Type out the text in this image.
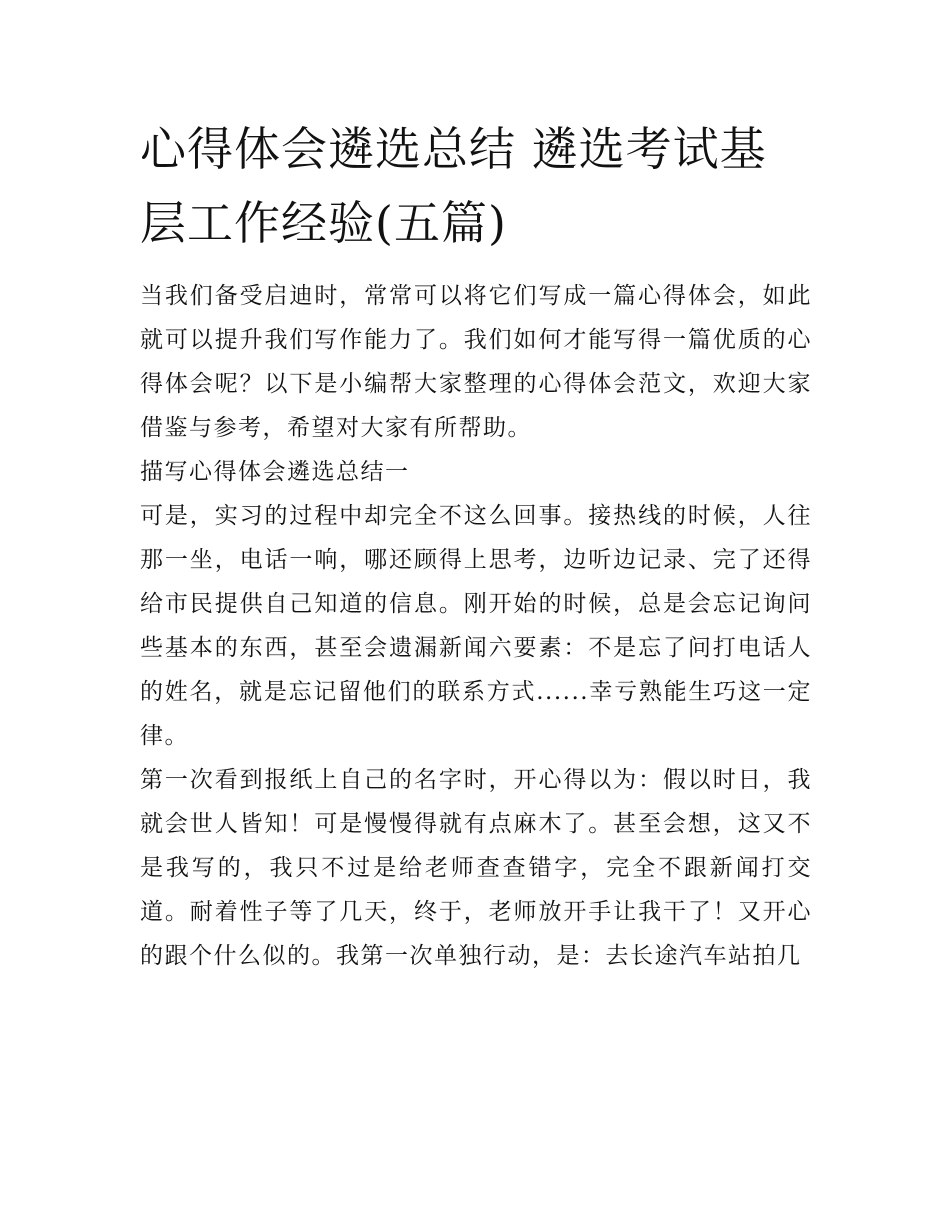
心得体会遴选总结 遴选考试基层工作经验(五篇)

当我们备受启迪时，常常可以将它们写成一篇心得体会，如此就可以提升我们写作能力了。我们如何才能写得一篇优质的心得体会呢？以下是小编帮大家整理的心得体会范文，欢迎大家借鉴与参考，希望对大家有所帮助。

描写心得体会遴选总结一

可是，实习的过程中却完全不这么回事。接热线的时候，人往那一坐，电话一响，哪还顾得上思考，边听边记录、完了还得给市民提供自己知道的信息。刚开始的时候，总是会忘记询问些基本的东西，甚至会遗漏新闻六要素：不是忘了问打电话人的姓名，就是忘记留他们的联系方式......幸亏熟能生巧这一定律。

第一次看到报纸上自己的名字时，开心得以为：假以时日，我就会世人皆知！可是慢慢得就有点麻木了。甚至会想，这又不是我写的，我只不过是给老师查查错字，完全不跟新闻打交道。耐着性子等了几天，终于，老师放开手让我干了！又开心的跟个什么似的。我第一次单独行动，是：去长途汽车站拍几
